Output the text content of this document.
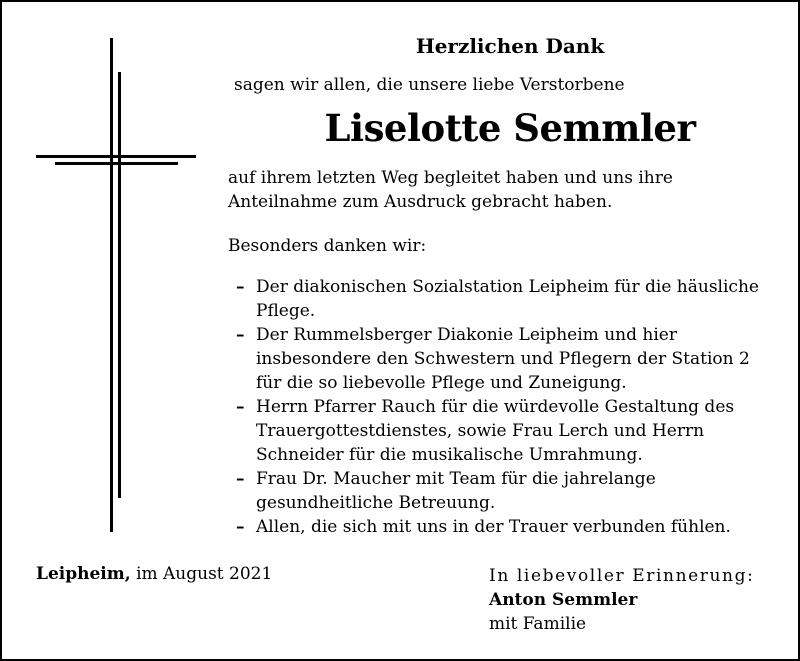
Herzlichen Dank
sagen wir allen, die unsere liebe Verstorbene
Liselotte Semmler
auf ihrem letzten Weg begleitet haben und uns ihre
Anteilnahme zum Ausdruck gebracht haben.
Besonders danken wir:
– Der diakonischen Sozialstation Leipheim für die häusliche
Pflege.
– Der Rummelsberger Diakonie Leipheim und hier
insbesondere den Schwestern und Pflegern der Station 2
für die so liebevolle Pflege und Zuneigung.
– Herrn Pfarrer Rauch für die würdevolle Gestaltung des
Trauergottestdienstes, sowie Frau Lerch und Herrn
Schneider für die musikalische Umrahmung.
– Frau Dr. Maucher mit Team für die jahrelange
gesundheitliche Betreuung.
– Allen, die sich mit uns in der Trauer verbunden fühlen.
Leipheim, im August 2021	In liebevoller Erinnerung:
Anton Semmler
mit Familie
